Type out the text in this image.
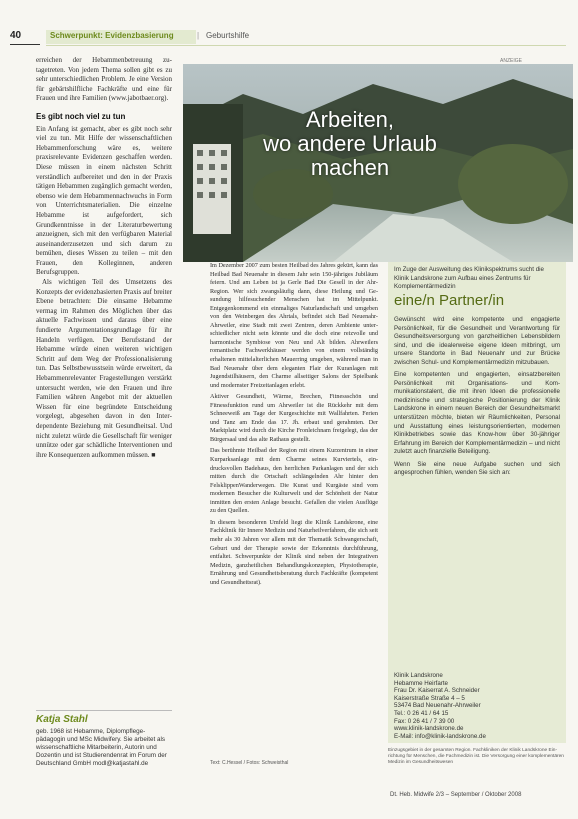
40	Schwerpunkt: Evidenzbasierung	| Geburtshilfe

erreichen der Hebammenbetreuung zutagetreten. Von jedem Thema sollen gibt es zu sehr unterschiedlichen Problem. Je eine Version für gebärtshilfliche Fachkräfte und eine für Frauen und ihre Familien (www.jabotbaer.org).

Es gibt noch viel zu tun

Ein Anfang ist gemacht, aber es gibt noch sehr viel zu tun. Mit Hilfe der wissenschaftlichen Hebammenforschung wäre es, weitere praxisrelevante Evidenzen geschaffen werden. Diese müssen in einem nächsten Schritt verständlich aufbereitet und den in der Praxis tätigen Hebammen zugänglich gemacht werden, ebenso wie dem Hebammennachwuchs in Form von Unterrichtsmaterialien. Die einzelne Hebamme ist aufgefordert, sich Grundkenntnisse in der Literaturbewertung anzueignen, sich mit den verfügbaren Material auseinanderzusetzen und sich darum zu bemühen, dieses Wissen zu teilen – mit den Frauen, den Kolleginnen, anderen Berufsgruppen.

Als wichtigen Teil des Umsetzens des Konzepts der evidenzbasierten Praxis auf breiter Ebene betrachten: Die einsame Hebamme vermag im Rahmen des Möglichen über das aktuelle Fachwissen und daraus über eine fundierte Argumentationsgrundlage für ihr Handeln verfügen. Der Berufsstand der Hebamme würde einen weiteren wichtigen Schritt auf dem Weg der Professionalisierung tun. Das Selbstbewusstsein würde erweitert, da Hebammenrelevanter Fragestellungen verstärkt untersucht werden, wie den Frauen und ihre Familien währen Angebot mit der aktuellen Wissen für eine begründete Entscheidung vorgelegt, abgesehen davon in den Interdependente Beziehung mit Gesundheitsal. Und nicht zuletzt würde die Gesellschaft für weniger unnütze oder gar schädliche Interventionen und ihre Konsequenzen aufkommen müssen. ■

Katja Stahl
geb. 1968 ist Hebamme, Diplompflegepädagogin und MSc Midwifery. Sie arbeitet als wissenschaftliche Mitarbeiterin, Autorin und Dozentin und ist Studierendenrat im Forum der Deutschland GmbH modl@katjastahl.de
ANZEIGE
Arbeiten,
wo andere Urlaub
machen

Im Dezember 2007 zum besten Heilbad des Jahres gekürt, kann das Heilbad Bad Neuenahr in diesem Jahr sein 150-jähriges Jubiläum feiern. Und am Leben ist ja Gerle Bad Die Gesell in der Ahr-Region. Wer sich zwangsläufig dann, diese Heilung und Gesundung hilfesuchender Menschen hat im Mittelpunkt. Entgegenkommend ein einmaliges Naturlandschaft und umgeben von den Weinbergen des Ahrtals, befindet sich Bad Neuenahr-Ahrweiler, eine Stadt mit zwei Zentren, deren Ambiente unterschiedlicher nicht sein könnte und die doch eine reizvolle und harmonische Symbiose von Neu und Alt bilden. Ahrweilers romantische Fachwerkhäuser werden von einem vollständig erhaltenen mittelalterlichen Mauerring umgeben, während man in Bad Neuenahr über dem eleganten Flair der Kuranlagen mit Jugendstilhäusern, den Charme allseitiger Salons der Spielbank und modernster Freizeitanlagen erlebt.

Aktiver Gesundheit, Wärme, Brechen, Fitnessschön und Fitnessfunktion rund um Ahrweiler ist die Rückkehr mit dem Schneeweiß am Tage der Kurgeschichte mit Wallfahrten. Ferien und Tanz am Ende das 17. Jh. erbaut und gerahmten. Der Marktplatz wird durch die Kirche Fronleichnam freigelegt, das der Bürgersaal und das alte Rathaus gestellt.

Das berühmte Heilbad der Region mit einem Kurzentrum in einer Kurparksanlage mit dem Charme seines Kurviertels, eindrucksvollen Badehaus, den herrlichen Parkanlagen und der sich mitten durch die Ortschaft schlängelnden Ahr hinter den FelsklippenWanderwegen. Die Kunst und Kurgäste sind vom modernen Besucher die Kulturwelt und der Schönheit der Natur inmitten den ersten Anlage besucht. Gefallen die vielen Ausflüge zu den Quellen.

In diesem besonderen Umfeld liegt die Klinik Landskrone, eine Fachklinik für Innere Medizin und Naturheilverfahren, die sich seit mehr als 30 Jahren vor allem mit der Thematik Schwangerschaft, Geburt und der Therapie sowie der Erkenntnis durchführung, entfaltet. Schwerpunkte der Klinik sind neben der Integrativen Medizin, ganzheitlichen Behandlungskonzepten, Physiotherapie, Ernährung und Gesundheitsberatung durch Fachkräfte (kompetent und Gesundheitsrat).

Text: C.Hessel / Fotos: Schweisthal
Im Zuge der Ausweitung des Klinikspektrums sucht die Klinik Landskrone zum Aufbau eines Zentrums für Komplementärmedizin
eine/n Partner/in

Gewünscht wird eine kompetente und engagierte Persönlichkeit, für die Gesundheit und Verantwortung für Gesundheitsversorgung von ganzheitlichen Lebensbildern sind, und die idealerweise eigene Ideen mitbringt, um unsere Standorte in Bad Neuenahr und zur Brücke zwischen Schul- und Komplementärmedizin mitzubauen.

Eine kompetenten und engagierten, einsatzbereiten Persönlichkeit mit Organisations- und Kommunikationstalent, die mit ihren Ideen die professionelle medizinische und strategische Positionierung der Klinik Landskrone in einem neuen Bereich der Gesundheitsmarkt unterstützen möchte, bieten wir Räumlichkeiten, Personal und Ausstattung eines leistungsorientierten, modernen Klinikbetriebes sowie das Know-how über 30-jähriger Erfahrung im Bereich der Komplementärmedizin – und nicht zuletzt auch finanzielle Beteiligung.

Wenn Sie eine neue Aufgabe suchen und sich angesprochen fühlen, wenden Sie sich an:

Klinik Landskrone
Hebamme Heirfarte
Frau Dr. Kaiserrat A. Schneider
Kaiserstraße Straße 4 – 5
53474 Bad Neuenahr-Ahrweiler
Tel.: 0 26 41 / 64 15
Fax: 0 26 41 / 7 39 00
www.klinik-landskrone.de
E-Mail: info@klinik-landskrone.de
Einzugsgebiet in der gesamten Region. Fachkliniken der Klinik Landskrone Einrichtung für Menschen, die Fachmedizin ist. Die Versorgung einer komplementären Medizin im Gesundheitswesen
Dt. Heb. Midwife 2/3 – September / Oktober 2008
